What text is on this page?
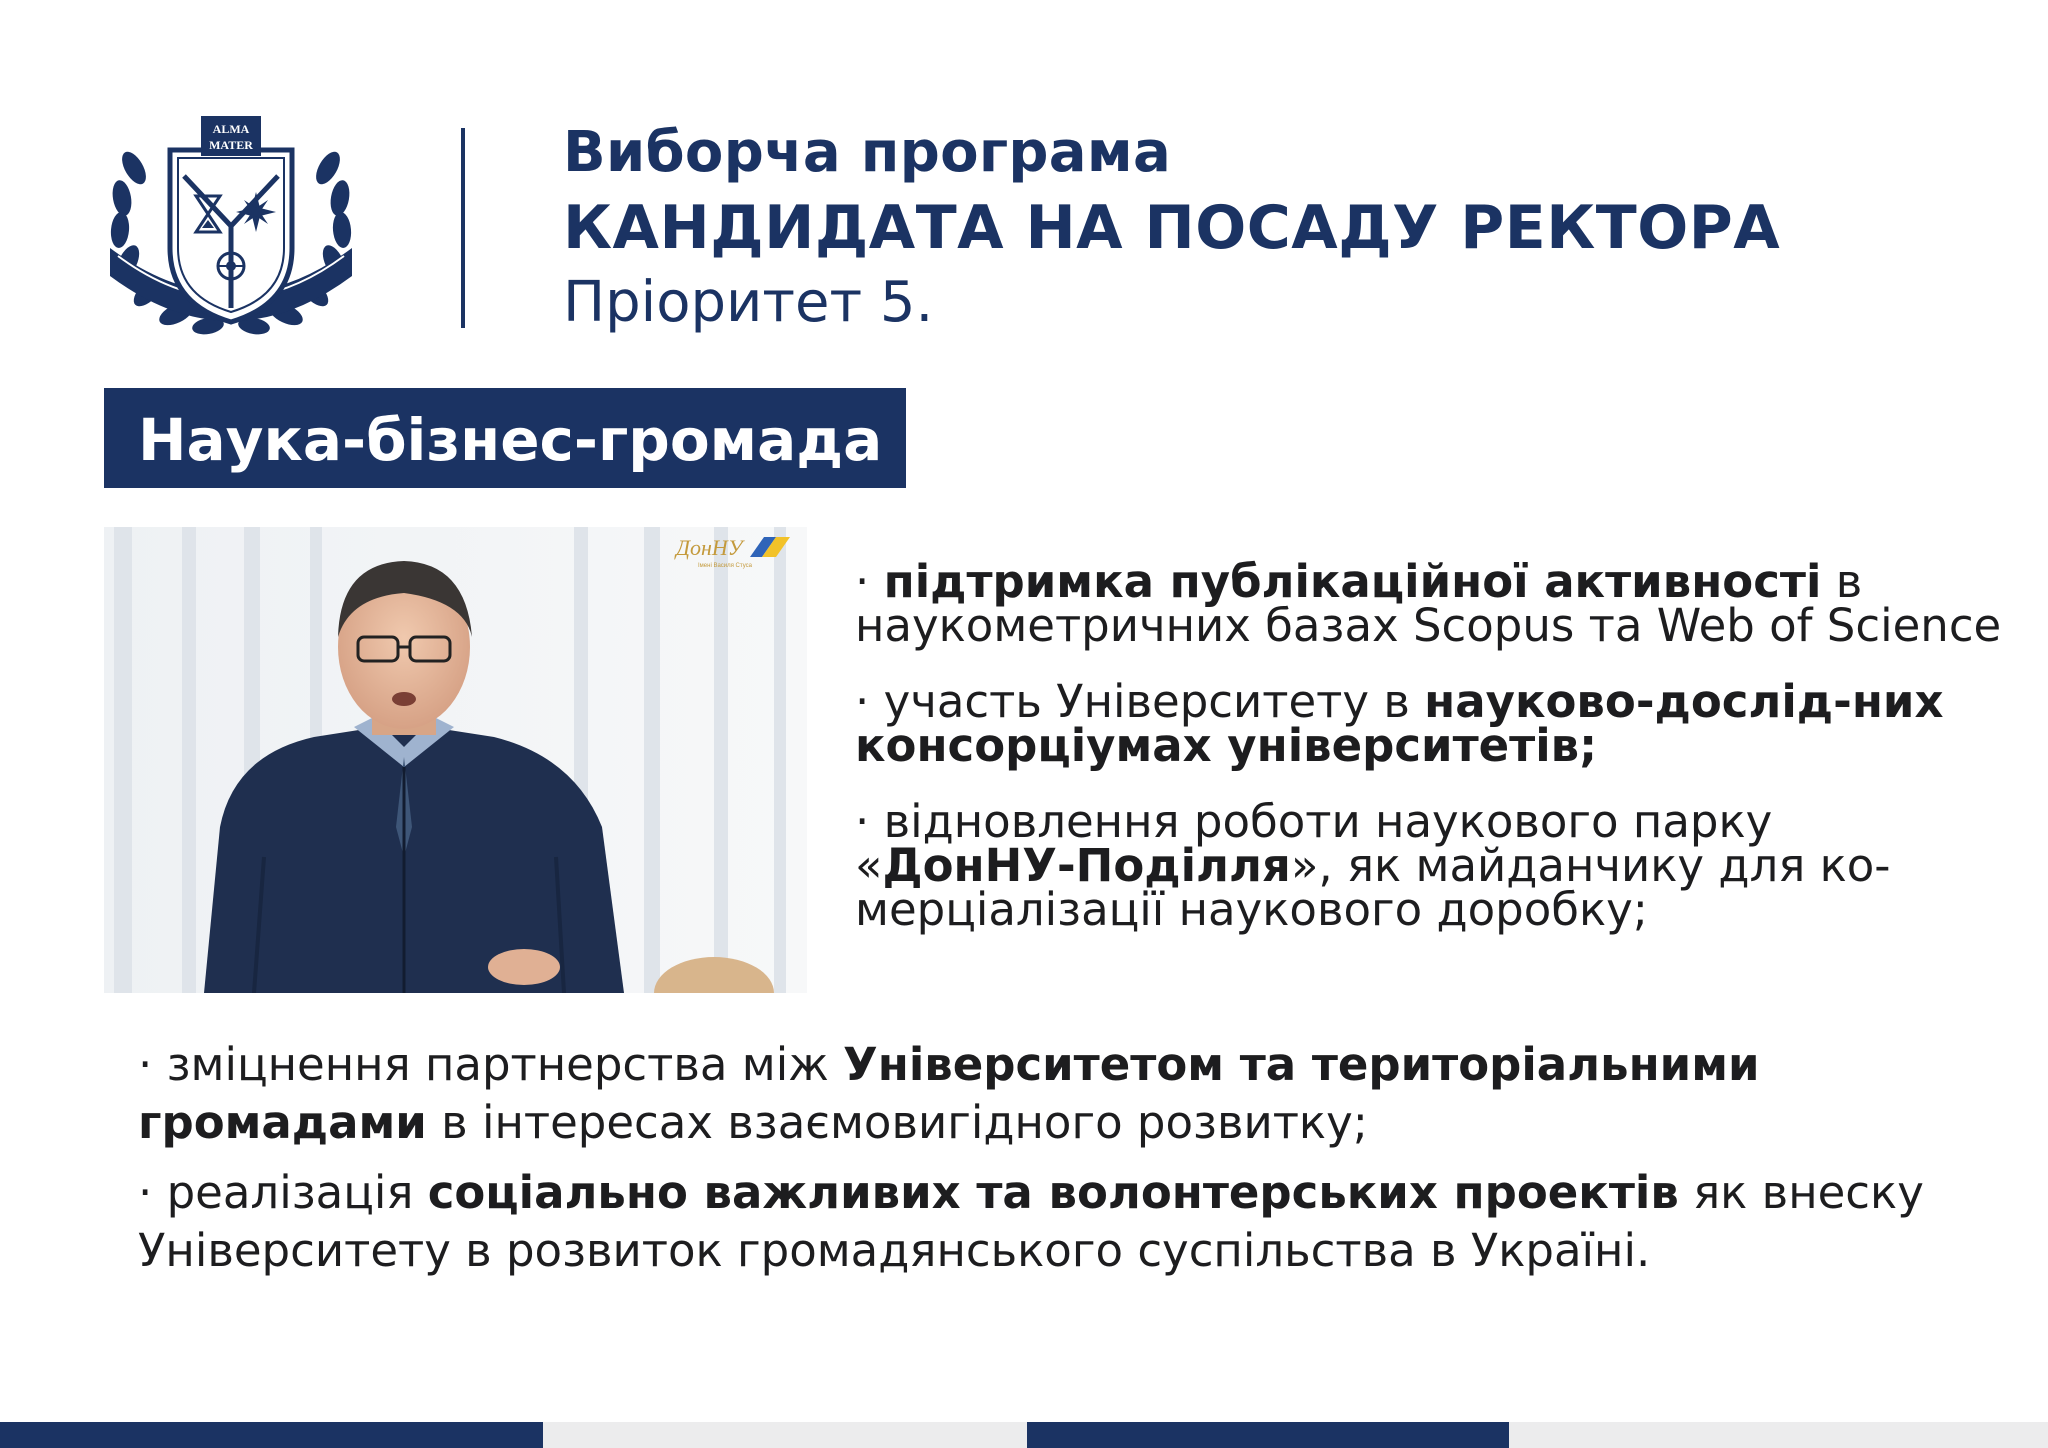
ALMA
MATER	Виборча програма
КАНДИДАТА НА ПОСАДУ РЕКТОРА
Пріоритет 5.
Наука-бізнес-громада
ДонНУ
Імені Василя Стуса · підтримка публікаційної активності в наукометричних базах Scopus та Web of Science

· участь Університету в науково-дослід-них консорціумах університетів;

· відновлення роботи наукового парку «ДонНУ-Поділля», як майданчику для ко-мерціалізації наукового доробку;

· зміцнення партнерства між Університетом та територіальними громадами в інтересах взаємовигідного розвитку;

· реалізація соціально важливих та волонтерських проектів як внеску Університету в розвиток громадянського суспільства в Україні.
